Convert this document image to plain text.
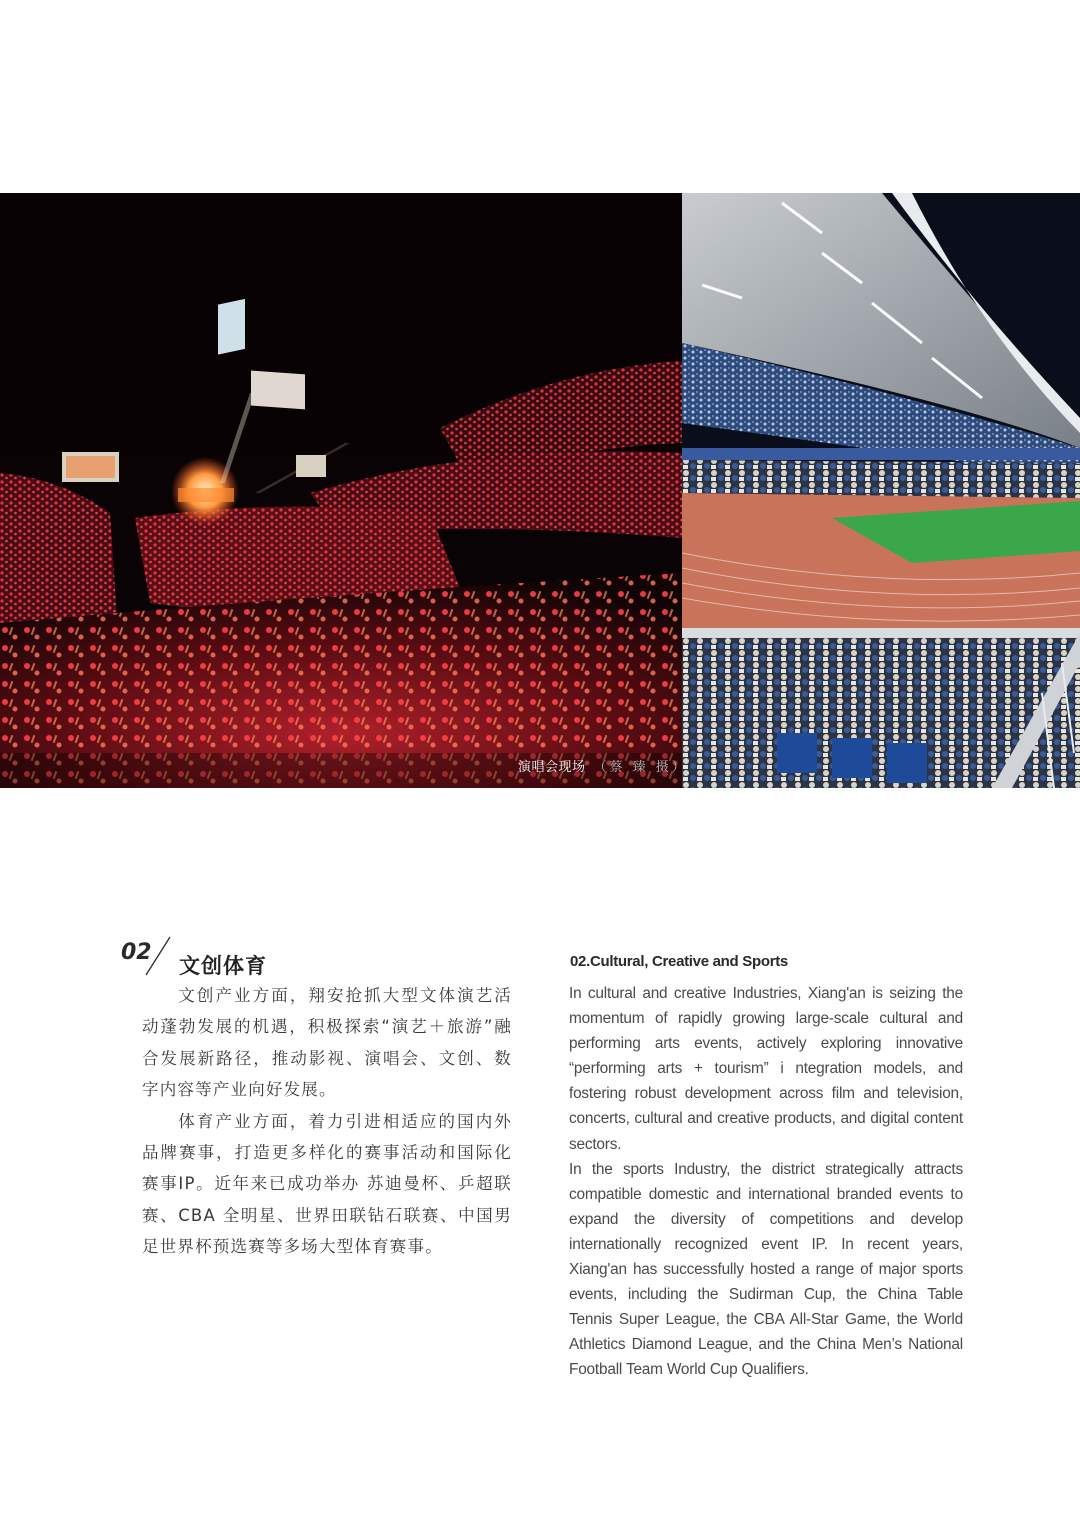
演唱会现场 （蔡 臻 摄）
02
文创体育

文创产业方面，翔安抢抓大型文体演艺活动蓬勃发展的机遇，积极探索“演艺＋旅游”融合发展新路径，推动影视、演唱会、文创、数字内容等产业向好发展。

体育产业方面，着力引进相适应的国内外品牌赛事，打造更多样化的赛事活动和国际化赛事IP。近年来已成功举办 苏迪曼杯、乒超联赛、CBA 全明星、世界田联钻石联赛、中国男足世界杯预选赛等多场大型体育赛事。

02.Cultural, Creative and Sports

In cultural and creative Industries, Xiang'an is seizing the momentum of rapidly growing large-scale cultural and performing arts events, actively exploring innovative “performing arts + tourism” i ntegration models, and fostering robust development across film and television, concerts, cultural and creative products, and digital content sectors.

In the sports Industry, the district strategically attracts compatible domestic and international branded events to expand the diversity of competitions and develop internationally recognized event IP. In recent years, Xiang'an has successfully hosted a range of major sports events, including the Sudirman Cup, the China Table Tennis Super League, the CBA All-Star Game, the World Athletics Diamond League, and the China Men’s National Football Team World Cup Qualifiers.
